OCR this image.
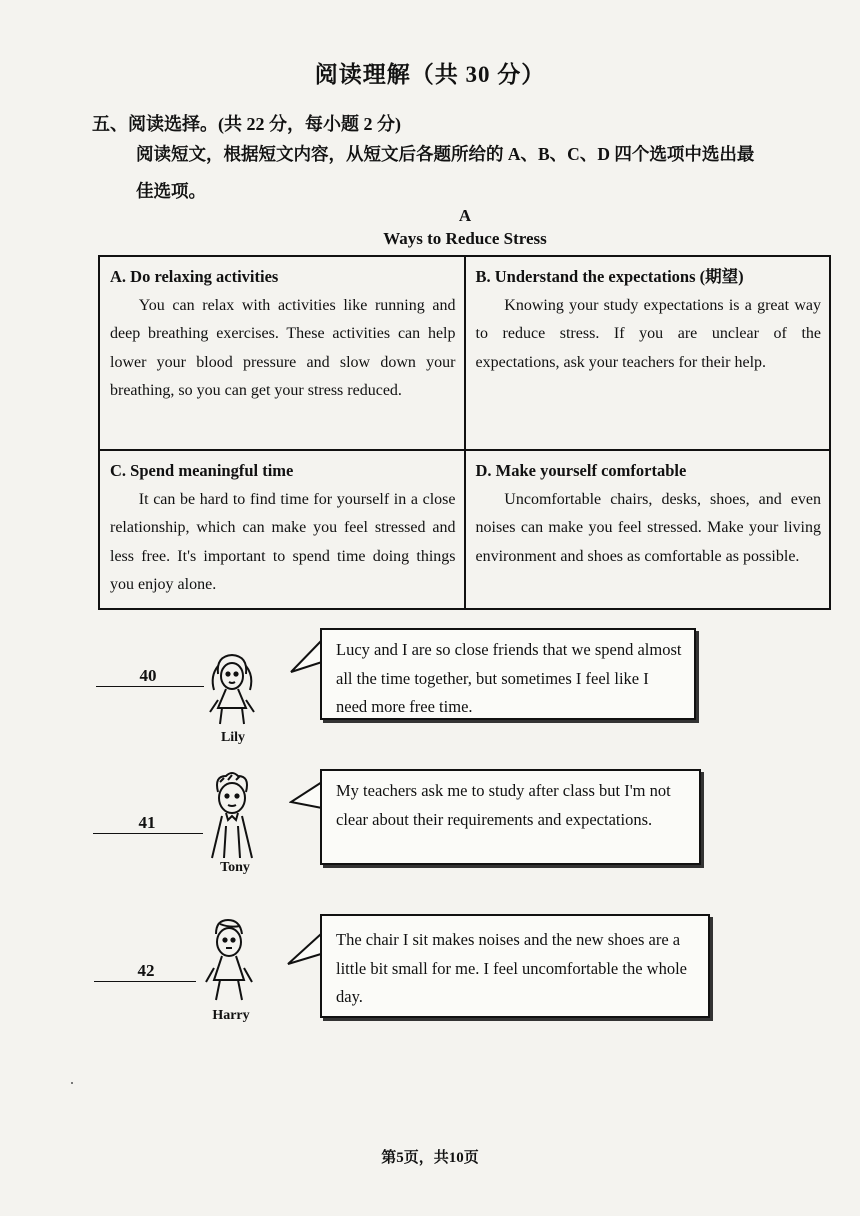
阅读理解（共 30 分）
五、阅读选择。(共 22 分，每小题 2 分)
阅读短文，根据短文内容，从短文后各题所给的 A、B、C、D 四个选项中选出最
佳选项。
A
Ways to Reduce Stress
A. Do relaxing activities
You can relax with activities like running and deep breathing exercises. These activities can help lower your blood pressure and slow down your breathing, so you can get your stress reduced.	B. Understand the expectations (期望)
Knowing your study expectations is a great way to reduce stress. If you are unclear of the expectations, ask your teachers for their help.

C. Spend meaningful time
It can be hard to find time for yourself in a close relationship, which can make you feel stressed and less free. It's important to spend time doing things you enjoy alone.	D. Make yourself comfortable
Uncomfortable chairs, desks, shoes, and even noises can make you feel stressed. Make your living environment and shoes as comfortable as possible.
40
Lily
Lucy and I are so close friends that we spend almost all the time together, but sometimes I feel like I need more free time.
41
Tony
My teachers ask me to study after class but I'm not clear about their requirements and expectations.
42
Harry
The chair I sit makes noises and the new shoes are a little bit small for me. I feel uncomfortable the whole day.
第5页，共10页
